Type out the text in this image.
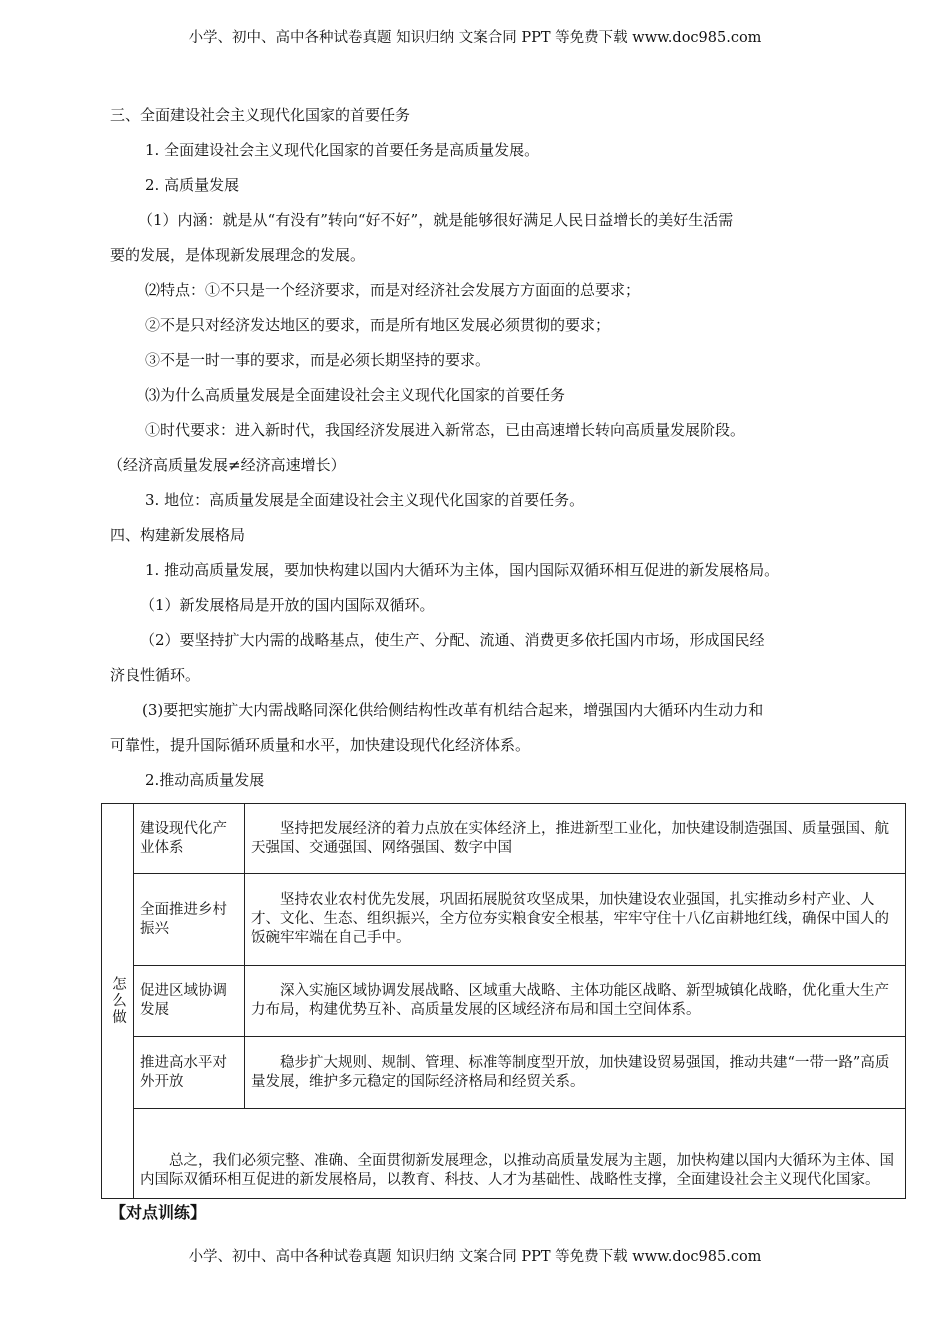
小学、初中、高中各种试卷真题 知识归纳 文案合同 PPT 等免费下载 www.doc985.com
三、全面建设社会主义现代化国家的首要任务
1. 全面建设社会主义现代化国家的首要任务是高质量发展。
2. 高质量发展
（1）内涵：就是从“有没有”转向“好不好”，就是能够很好满足人民日益增长的美好生活需
要的发展，是体现新发展理念的发展。
⑵特点：①不只是一个经济要求，而是对经济社会发展方方面面的总要求；
②不是只对经济发达地区的要求，而是所有地区发展必须贯彻的要求；
③不是一时一事的要求，而是必须长期坚持的要求。
⑶为什么高质量发展是全面建设社会主义现代化国家的首要任务
①时代要求：进入新时代，我国经济发展进入新常态，已由高速增长转向高质量发展阶段。
（经济高质量发展≠经济高速增长）
3. 地位：高质量发展是全面建设社会主义现代化国家的首要任务。
四、构建新发展格局
1. 推动高质量发展，要加快构建以国内大循环为主体，国内国际双循环相互促进的新发展格局。
（1）新发展格局是开放的国内国际双循环。
（2）要坚持扩大内需的战略基点，使生产、分配、流通、消费更多依托国内市场，形成国民经
济良性循环。
(3)要把实施扩大内需战略同深化供给侧结构性改革有机结合起来，增强国内大循环内生动力和
可靠性，提升国际循环质量和水平，加快建设现代化经济体系。
2.推动高质量发展
怎么做	建设现代化产业体系	坚持把发展经济的着力点放在实体经济上，推进新型工业化，加快建设制造强国、质量强国、航天强国、交通强国、网络强国、数字中国
	全面推进乡村振兴	坚持农业农村优先发展，巩固拓展脱贫攻坚成果，加快建设农业强国，扎实推动乡村产业、人才、文化、生态、组织振兴，全方位夯实粮食安全根基，牢牢守住十八亿亩耕地红线，确保中国人的饭碗牢牢端在自己手中。
	促进区域协调发展	深入实施区域协调发展战略、区域重大战略、主体功能区战略、新型城镇化战略，优化重大生产力布局，构建优势互补、高质量发展的区域经济布局和国土空间体系。
	推进高水平对外开放	稳步扩大规则、规制、管理、标准等制度型开放，加快建设贸易强国，推动共建“一带一路”高质量发展，维护多元稳定的国际经济格局和经贸关系。
	总之，我们必须完整、准确、全面贯彻新发展理念，以推动高质量发展为主题，加快构建以国内大循环为主体、国内国际双循环相互促进的新发展格局，以教育、科技、人才为基础性、战略性支撑，全面建设社会主义现代化国家。	
【对点训练】
小学、初中、高中各种试卷真题 知识归纳 文案合同 PPT 等免费下载 www.doc985.com
